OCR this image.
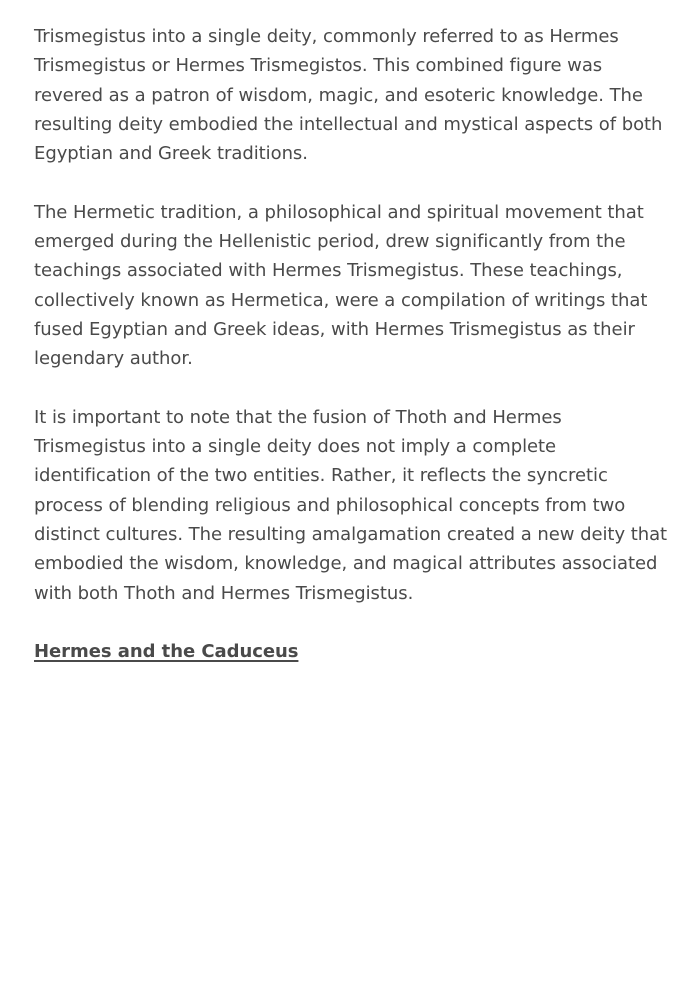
Trismegistus into a single deity, commonly referred to as Hermes Trismegistus or Hermes Trismegistos. This combined figure was revered as a patron of wisdom, magic, and esoteric knowledge. The resulting deity embodied the intellectual and mystical aspects of both Egyptian and Greek traditions.

The Hermetic tradition, a philosophical and spiritual movement that emerged during the Hellenistic period, drew significantly from the teachings associated with Hermes Trismegistus. These teachings, collectively known as Hermetica, were a compilation of writings that fused Egyptian and Greek ideas, with Hermes Trismegistus as their legendary author.

It is important to note that the fusion of Thoth and Hermes Trismegistus into a single deity does not imply a complete identification of the two entities. Rather, it reflects the syncretic process of blending religious and philosophical concepts from two distinct cultures. The resulting amalgamation created a new deity that embodied the wisdom, knowledge, and magical attributes associated with both Thoth and Hermes Trismegistus.

Hermes and the Caduceus
